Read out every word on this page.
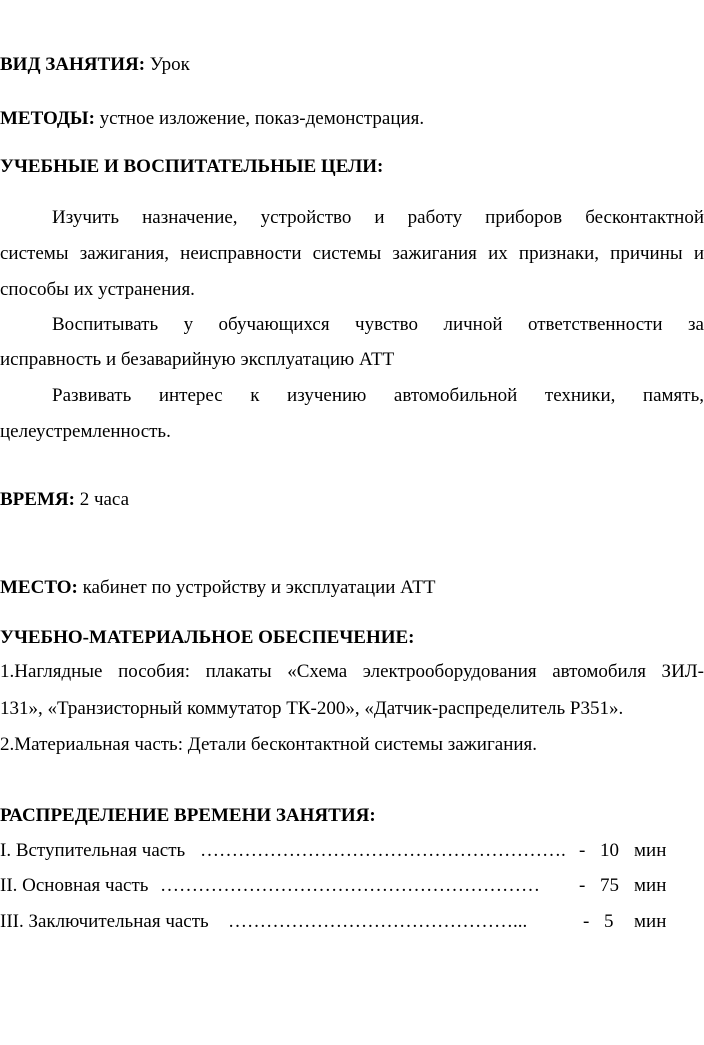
ВИД ЗАНЯТИЯ: Урок
МЕТОДЫ: устное изложение, показ-демонстрация.
УЧЕБНЫЕ И ВОСПИТАТЕЛЬНЫЕ ЦЕЛИ:
Изучить назначение, устройство и работу приборов бесконтактной
системы зажигания, неисправности системы зажигания их признаки, причины и
способы их устранения.
Воспитывать у обучающихся чувство личной ответственности за
исправность и безаварийную эксплуатацию АТТ
Развивать интерес к изучению автомобильной техники, память,
целеустремленность.
ВРЕМЯ: 2 часа
МЕСТО: кабинет по устройству и эксплуатации АТТ
УЧЕБНО-МАТЕРИАЛЬНОЕ ОБЕСПЕЧЕНИЕ:
1.Наглядные пособия: плакаты «Схема электрооборудования автомобиля ЗИЛ-
131», «Транзисторный коммутатор ТК-200», «Датчик-распределитель Р351».
2.Материальная часть: Детали бесконтактной системы зажигания.
РАСПРЕДЕЛЕНИЕ ВРЕМЕНИ ЗАНЯТИЯ:
I. Вступительная часть …………………………………………………. - 10 мин
II. Основная часть ……………………………………………………	- 75 мин
III. Заключительная часть ………………………………………...	- 5 мин
